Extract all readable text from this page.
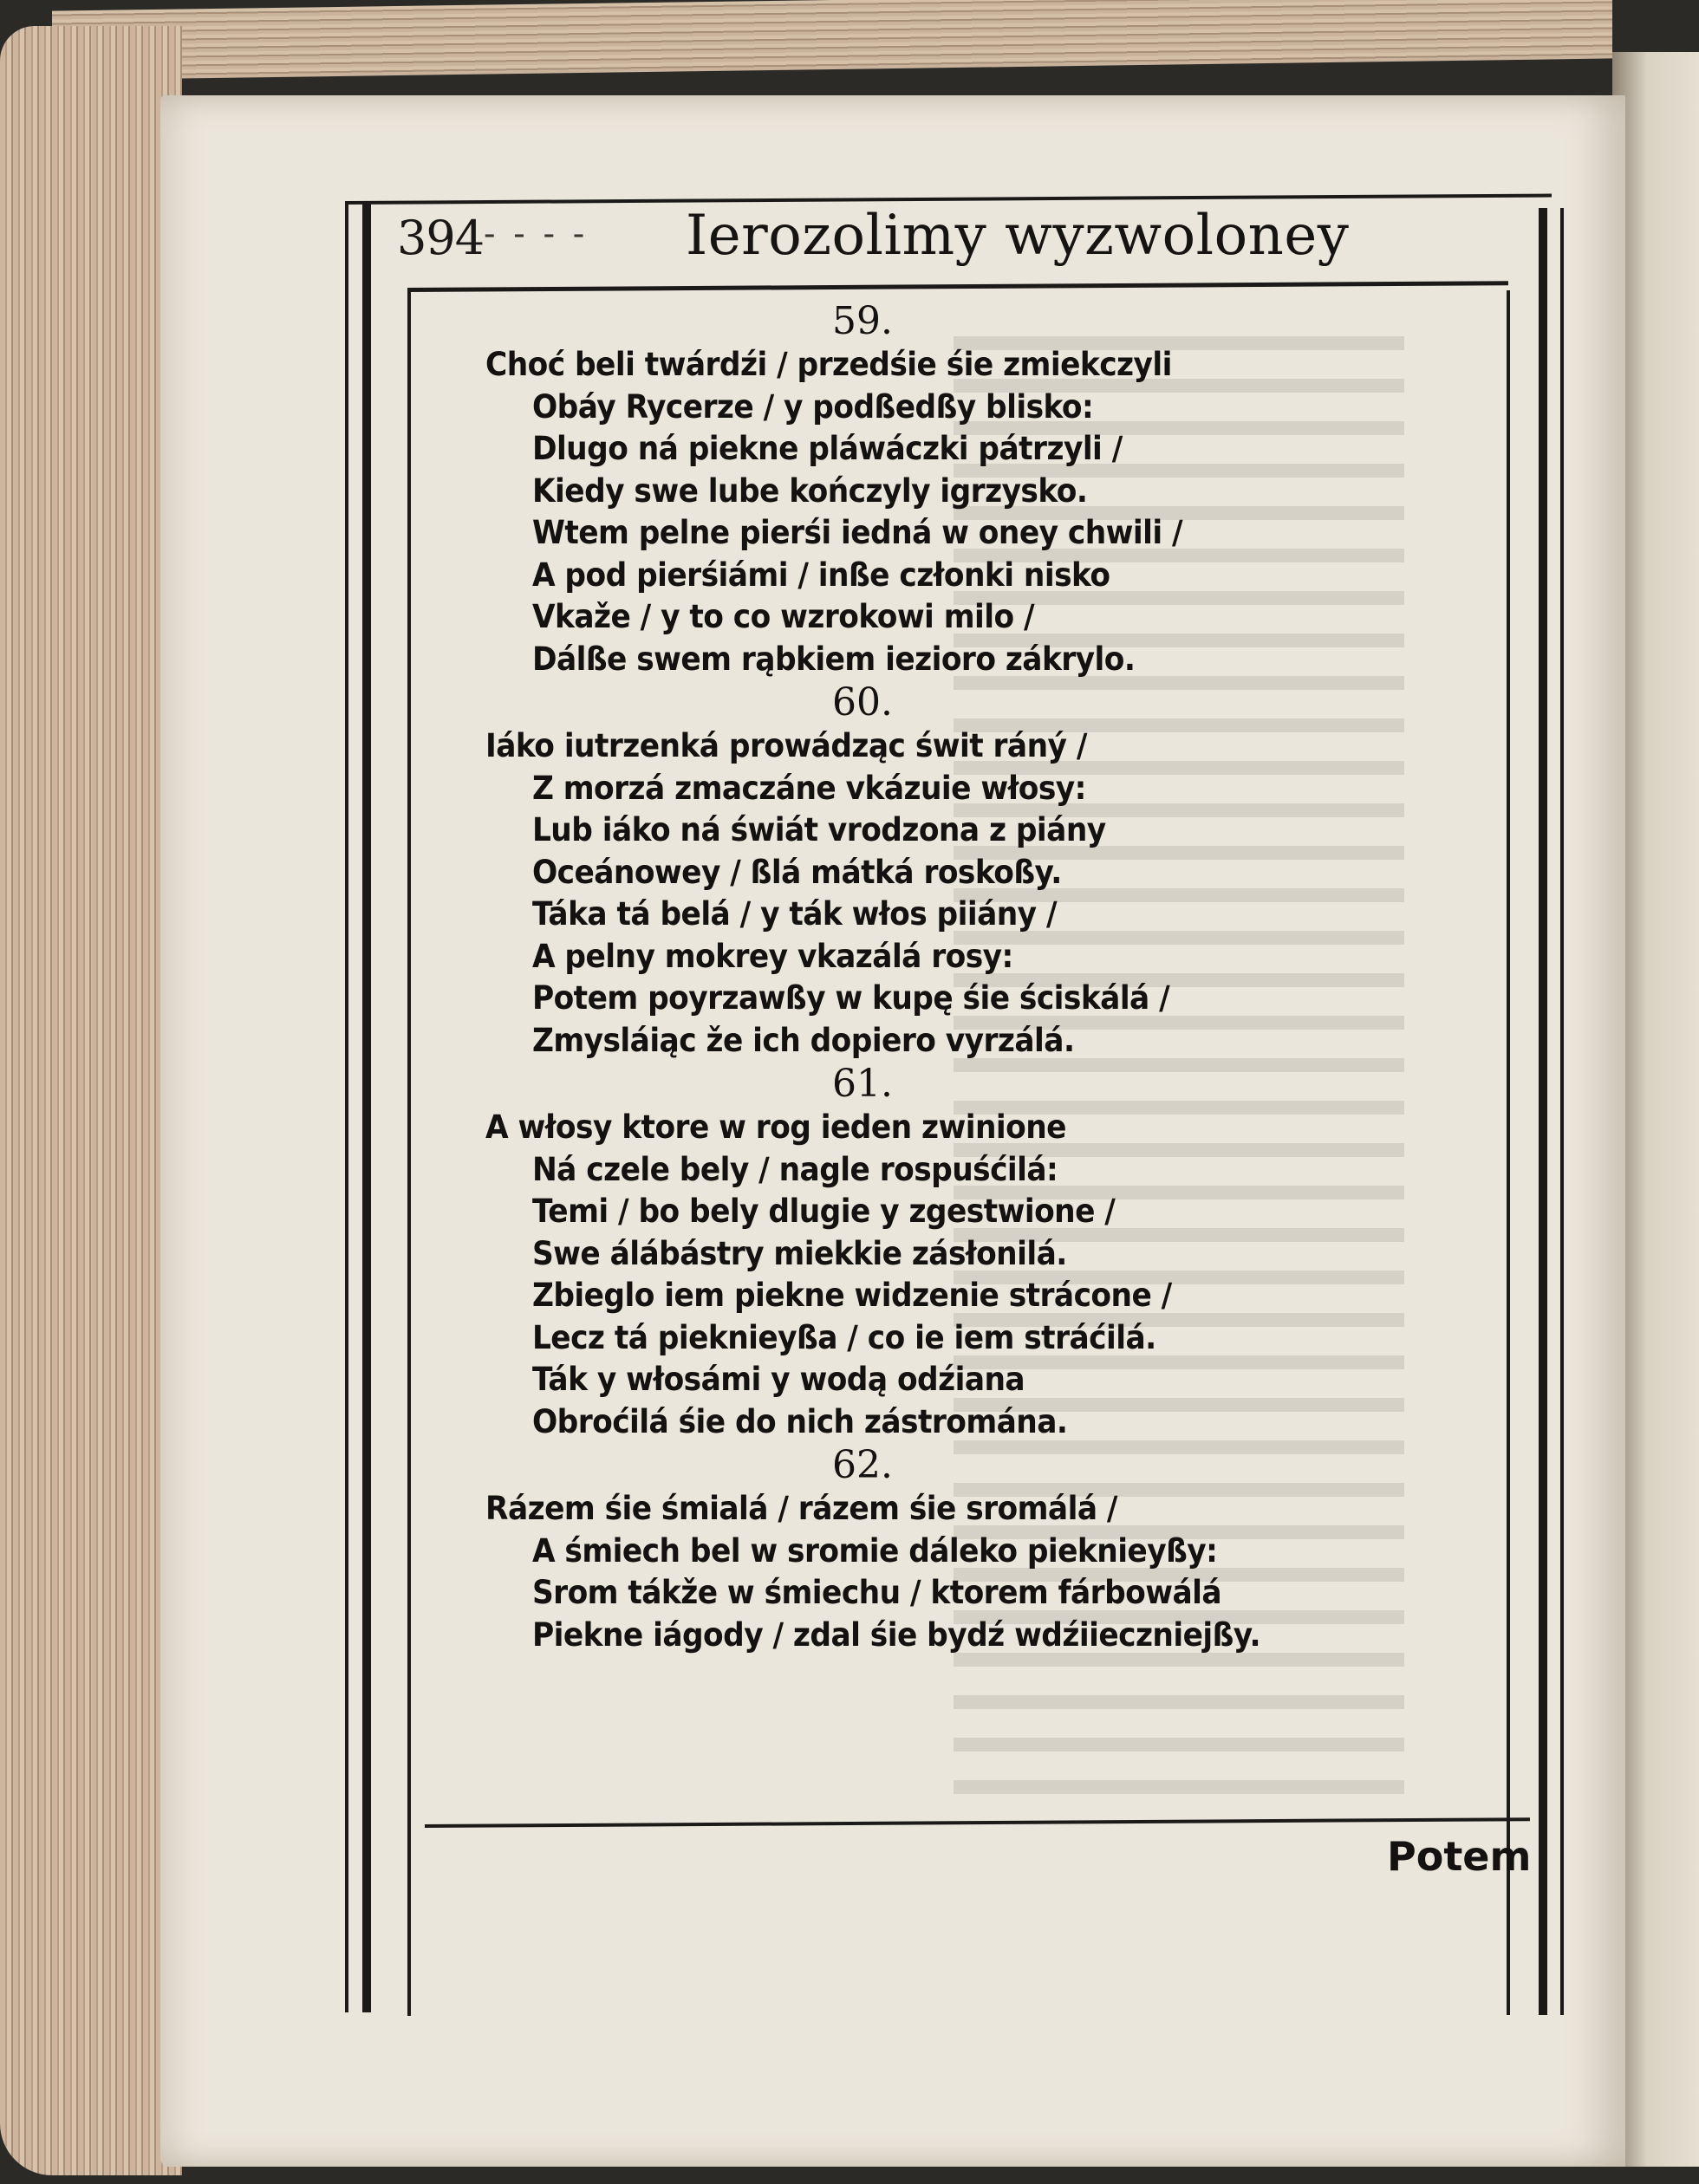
394 - - - - Ierozolimy wyzwoloney
59.
Choć beli twárdźi / przedśie śie zmiekczyli
Obáy Rycerze / y podßedßy blisko:
Dlugo ná piekne pláwáczki pátrzyli /
Kiedy swe lube kończyly igrzysko.
Wtem pelne pierśi iedná w oney chwili /
A pod pierśiámi / inße członki nisko
Vkaže / y to co wzrokowi milo /
Dálße swem rąbkiem iezioro zákrylo.
60.
Iáko iutrzenká prowádząc świt ráný /
Z morzá zmaczáne vkázuie włosy:
Lub iáko ná świát vrodzona z piány
Oceánowey / ßlá mátká roskoßy.
Táka tá belá / y ták włos piiány /
A pelny mokrey vkazálá rosy:
Potem poyrzawßy w kupę śie ściskálá /
Zmysláiąc že ich dopiero vyrzálá.
61.
A włosy ktore w rog ieden zwinione
Ná czele bely / nagle rospuśćilá:
Temi / bo bely dlugie y zgestwione /
Swe álábástry miekkie zásłonilá.
Zbieglo iem piekne widzenie strácone /
Lecz tá pieknieyßa / co ie iem stráćilá.
Ták y włosámi y wodą odźiana
Obroćilá śie do nich zástromána.
62.
Rázem śie śmialá / rázem śie sromálá /
A śmiech bel w sromie dáleko pieknieyßy:
Srom tákže w śmiechu / ktorem fárbowálá
Piekne iágody / zdal śie bydź wdźiieczniejßy.
Potem
